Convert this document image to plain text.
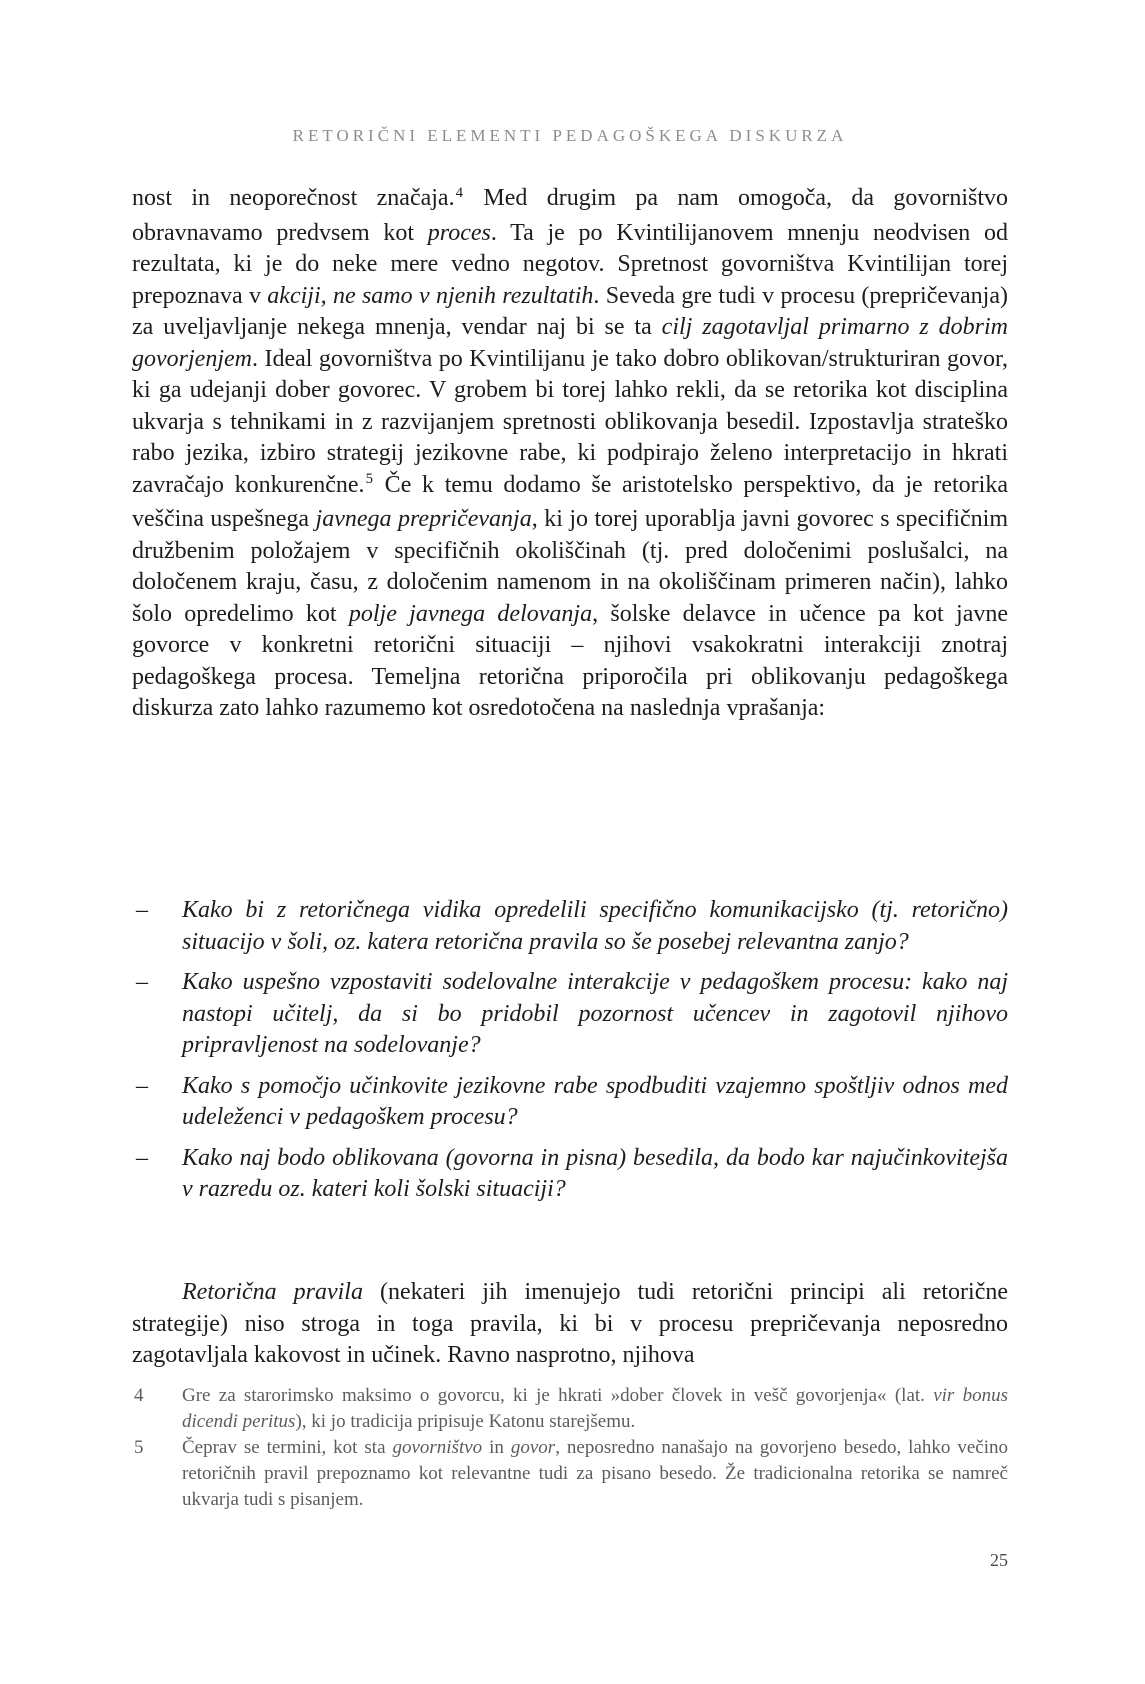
RETORIČNI ELEMENTI PEDAGOŠKEGA DISKURZA

nost in neoporečnost značaja.$^4$ Med drugim pa nam omogoča, da govorništvo obravnavamo predvsem kot proces. Ta je po Kvintilijanovem mnenju neodvisen od rezultata, ki je do neke mere vedno negotov. Spretnost govorništva Kvintilijan torej prepoznava v akciji, ne samo v njenih rezultatih. Seveda gre tudi v procesu (prepričevanja) za uveljavljanje nekega mnenja, vendar naj bi se ta cilj zagotavljal primarno z dobrim govorjenjem. Ideal govorništva po Kvintilijanu je tako dobro oblikovan/strukturiran govor, ki ga udejanji dober govorec. V grobem bi torej lahko rekli, da se retorika kot disciplina ukvarja s tehnikami in z razvijanjem spretnosti oblikovanja besedil. Izpostavlja strateško rabo jezika, izbiro strategij jezikovne rabe, ki podpirajo želeno interpretacijo in hkrati zavračajo konkurenčne.$^5$ Če k temu dodamo še aristotelsko perspektivo, da je retorika veščina uspešnega javnega prepričevanja, ki jo torej uporablja javni govorec s specifičnim družbenim položajem v specifičnih okoliščinah (tj. pred določenimi poslušalci, na določenem kraju, času, z določenim namenom in na okoliščinam primeren način), lahko šolo opredelimo kot polje javnega delovanja, šolske delavce in učence pa kot javne govorce v konkretni retorični situaciji – njihovi vsakokratni interakciji znotraj pedagoškega procesa. Temeljna retorična priporočila pri oblikovanju pedagoškega diskurza zato lahko razumemo kot osredotočena na naslednja vprašanja:

– Kako bi z retoričnega vidika opredelili specifično komunikacijsko (tj. retorično) situacijo v šoli, oz. katera retorična pravila so še posebej relevantna zanjo?
– Kako uspešno vzpostaviti sodelovalne interakcije v pedagoškem procesu: kako naj nastopi učitelj, da si bo pridobil pozornost učencev in zagotovil njihovo pripravljenost na sodelovanje?
– Kako s pomočjo učinkovite jezikovne rabe spodbuditi vzajemno spoštljiv odnos med udeleženci v pedagoškem procesu?
– Kako naj bodo oblikovana (govorna in pisna) besedila, da bodo kar najučinkovitejša v razredu oz. kateri koli šolski situaciji?

Retorična pravila (nekateri jih imenujejo tudi retorični principi ali retorične strategije) niso stroga in toga pravila, ki bi v procesu prepričevanja neposredno zagotavljala kakovost in učinek. Ravno nasprotno, njihova

4 Gre za starorimsko maksimo o govorcu, ki je hkrati »dober človek in vešč govorjenja« (lat. vir bonus dicendi peritus), ki jo tradicija pripisuje Katonu starejšemu.
5 Čeprav se termini, kot sta govorništvo in govor, neposredno nanašajo na govorjeno besedo, lahko večino retoričnih pravil prepoznamo kot relevantne tudi za pisano besedo. Že tradicionalna retorika se namreč ukvarja tudi s pisanjem.
25
